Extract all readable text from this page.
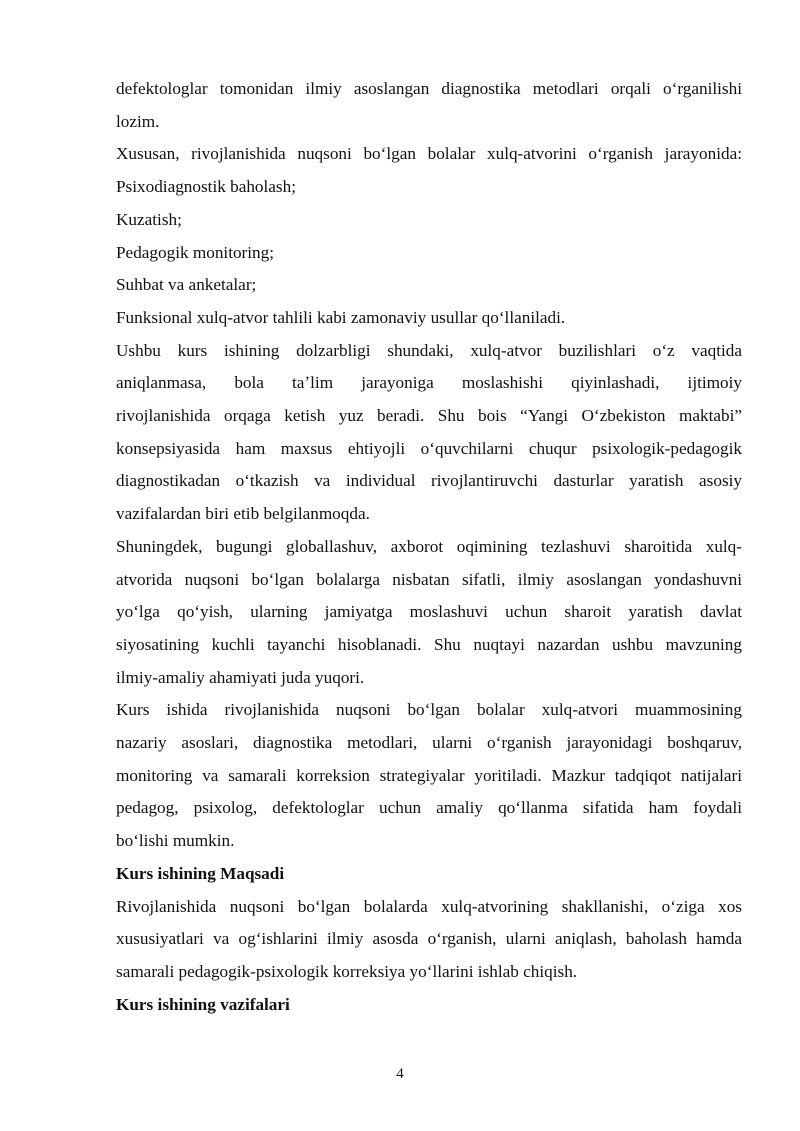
defektologlar tomonidan ilmiy asoslangan diagnostika metodlari orqali oʻrganilishi

lozim.

Xususan, rivojlanishida nuqsoni boʻlgan bolalar xulq-atvorini oʻrganish jarayonida:

Psixodiagnostik baholash;

Kuzatish;

Pedagogik monitoring;

Suhbat va anketalar;

Funksional xulq-atvor tahlili kabi zamonaviy usullar qoʻllaniladi.

Ushbu kurs ishining dolzarbligi shundaki, xulq-atvor buzilishlari oʻz vaqtida

aniqlanmasa, bola taʼlim jarayoniga moslashishi qiyinlashadi, ijtimoiy

rivojlanishida orqaga ketish yuz beradi. Shu bois “Yangi Oʻzbekiston maktabi”

konsepsiyasida ham maxsus ehtiyojli oʻquvchilarni chuqur psixologik-pedagogik

diagnostikadan oʻtkazish va individual rivojlantiruvchi dasturlar yaratish asosiy

vazifalardan biri etib belgilanmoqda.

Shuningdek, bugungi globallashuv, axborot oqimining tezlashuvi sharoitida xulq-

atvorida nuqsoni boʻlgan bolalarga nisbatan sifatli, ilmiy asoslangan yondashuvni

yoʻlga qoʻyish, ularning jamiyatga moslashuvi uchun sharoit yaratish davlat

siyosatining kuchli tayanchi hisoblanadi. Shu nuqtayi nazardan ushbu mavzuning

ilmiy-amaliy ahamiyati juda yuqori.

Kurs ishida rivojlanishida nuqsoni boʻlgan bolalar xulq-atvori muammosining

nazariy asoslari, diagnostika metodlari, ularni oʻrganish jarayonidagi boshqaruv,

monitoring va samarali korreksion strategiyalar yoritiladi. Mazkur tadqiqot natijalari

pedagog, psixolog, defektologlar uchun amaliy qoʻllanma sifatida ham foydali

boʻlishi mumkin.

Kurs ishining Maqsadi

Rivojlanishida nuqsoni boʻlgan bolalarda xulq-atvorining shakllanishi, oʻziga xos

xususiyatlari va ogʻishlarini ilmiy asosda oʻrganish, ularni aniqlash, baholash hamda

samarali pedagogik-psixologik korreksiya yoʻllarini ishlab chiqish.

Kurs ishining vazifalari

4
